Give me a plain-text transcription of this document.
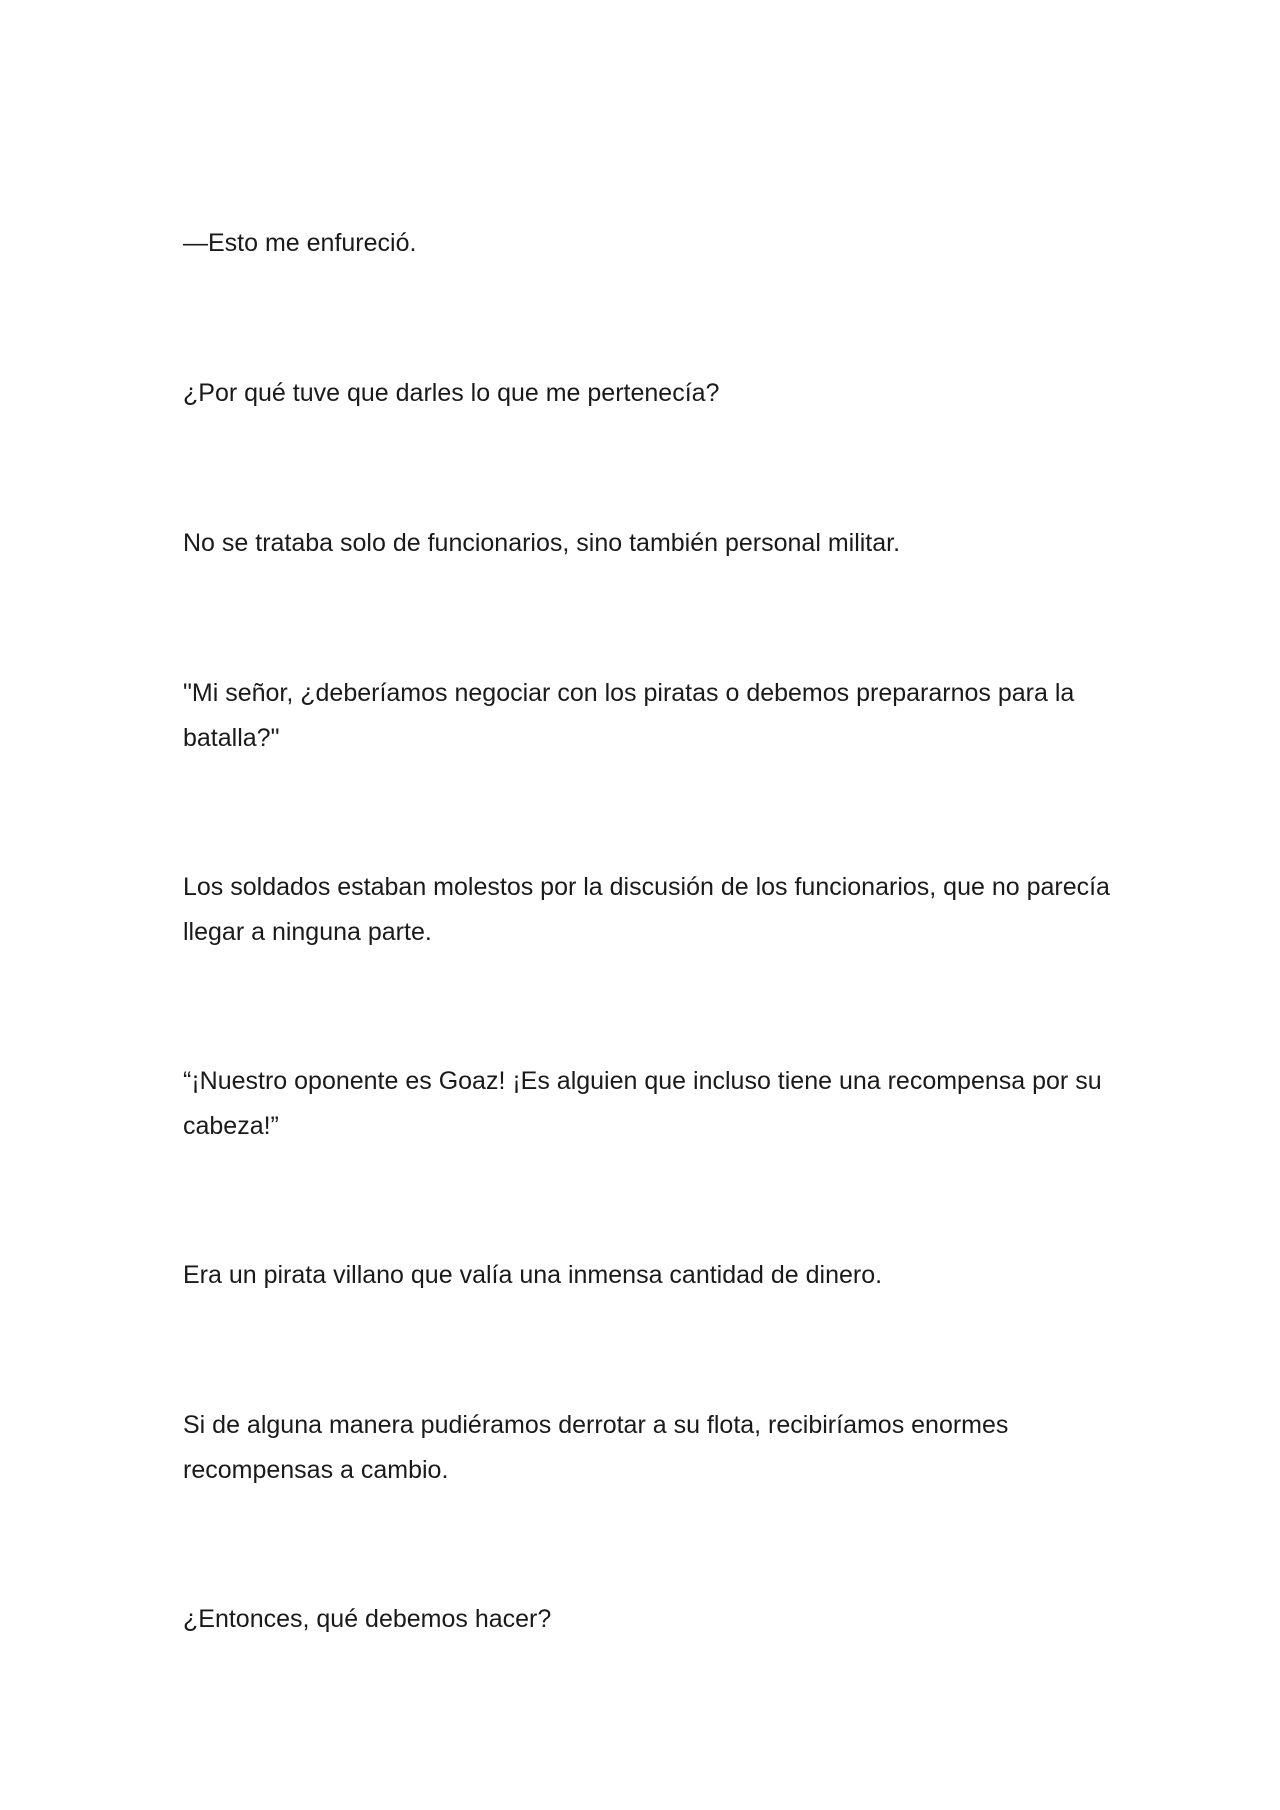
—Esto me enfureció.

¿Por qué tuve que darles lo que me pertenecía?

No se trataba solo de funcionarios, sino también personal militar.

"Mi señor, ¿deberíamos negociar con los piratas o debemos prepararnos para la batalla?"

Los soldados estaban molestos por la discusión de los funcionarios, que no parecía llegar a ninguna parte.

“¡Nuestro oponente es Goaz! ¡Es alguien que incluso tiene una recompensa por su cabeza!”

Era un pirata villano que valía una inmensa cantidad de dinero.

Si de alguna manera pudiéramos derrotar a su flota, recibiríamos enormes recompensas a cambio.

¿Entonces, qué debemos hacer?
